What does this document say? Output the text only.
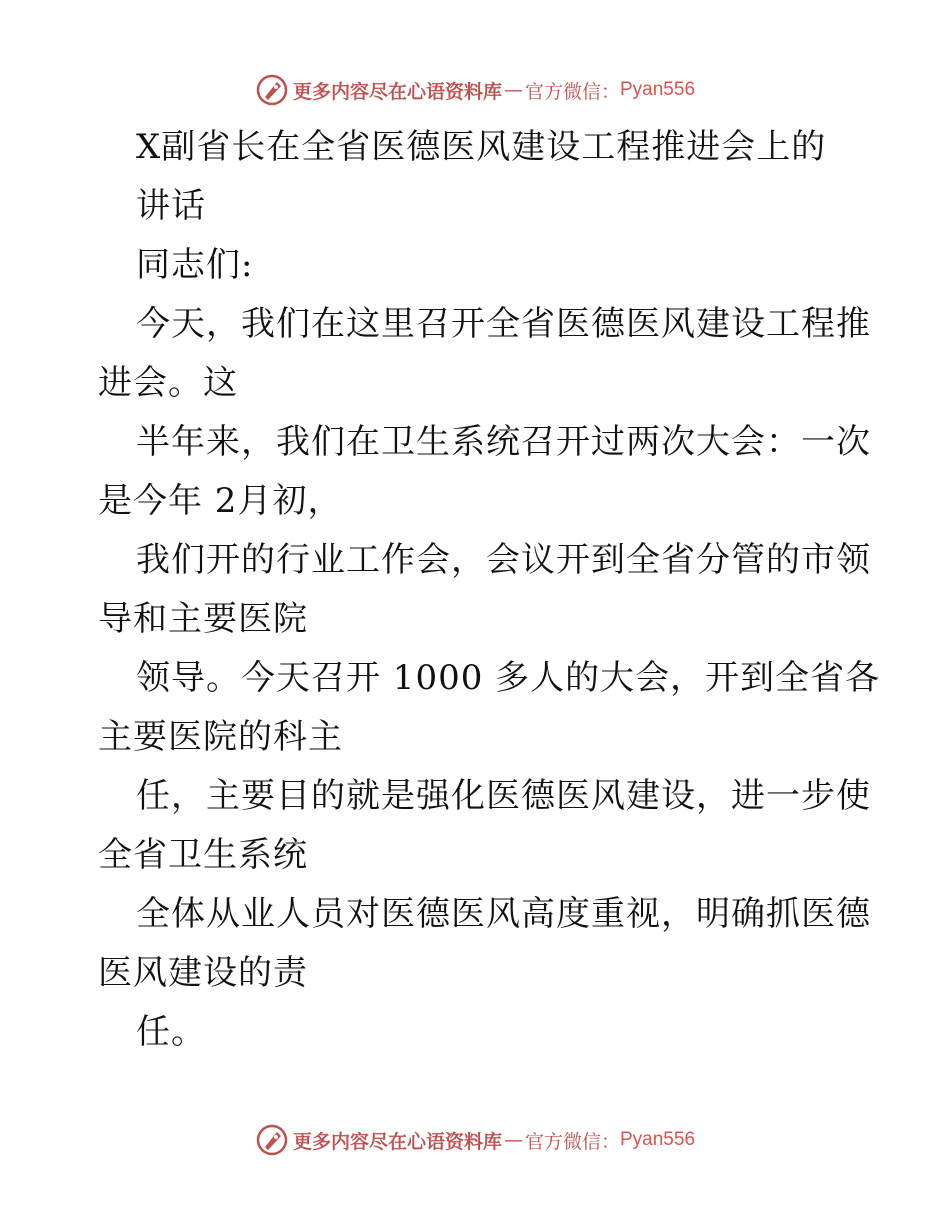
更多内容尽在心语资料库 — 官方微信： Pyan556
X副省长在全省医德医风建设工程推进会上的
讲话
同志们:
今天，我们在这里召开全省医德医风建设工程推
进会。这
半年来，我们在卫生系统召开过两次大会：一次
是今年 2月初，
我们开的行业工作会，会议开到全省分管的市领
导和主要医院
领导。今天召开 1000 多人的大会，开到全省各
主要医院的科主
任，主要目的就是强化医德医风建设，进一步使
全省卫生系统
全体从业人员对医德医风高度重视，明确抓医德
医风建设的责
任。
更多内容尽在心语资料库 — 官方微信： Pyan556
